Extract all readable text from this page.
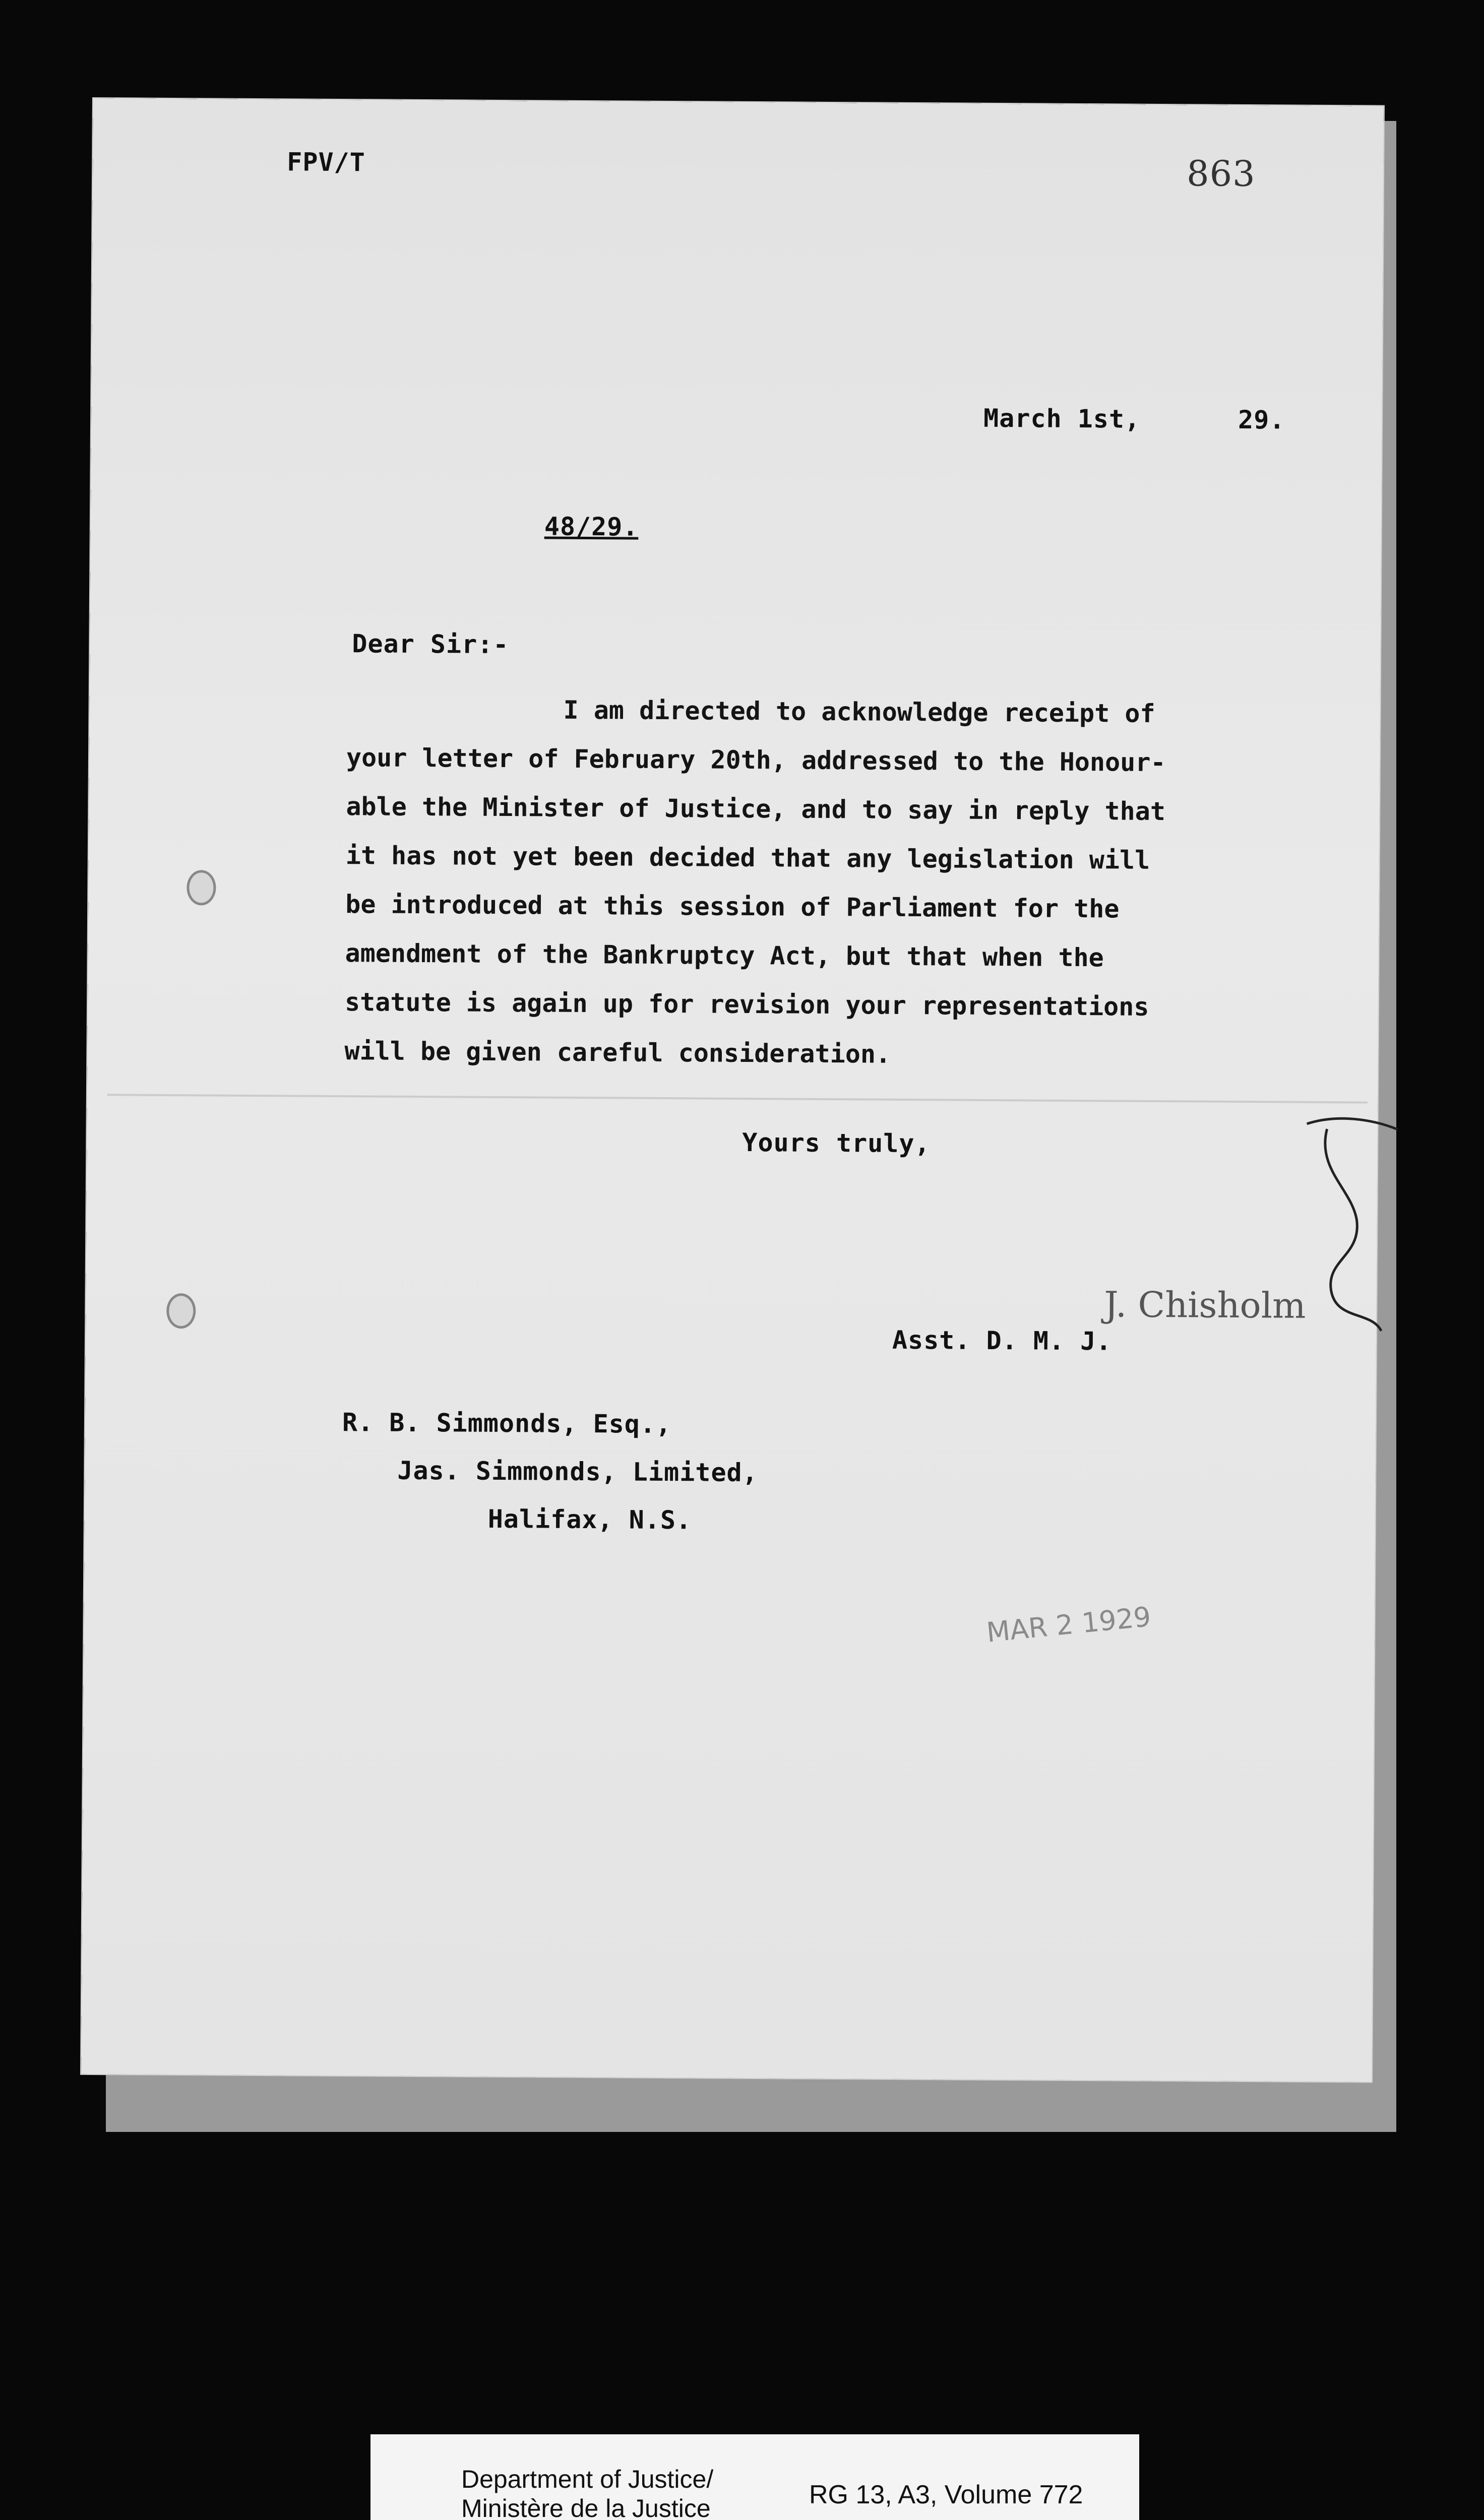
FPV/T	863
March 1st,	29.
48/29.
Dear Sir:-
I am directed to acknowledge receipt of
your letter of February 20th, addressed to the Honour-
able the Minister of Justice, and to say in reply that
it has not yet been decided that any legislation will
be introduced at this session of Parliament for the
amendment of the Bankruptcy Act, but that when the
statute is again up for revision your representations
will be given careful consideration.
Yours truly,
J. Chisholm
Asst. D. M. J.
R. B. Simmonds, Esq.,
Jas. Simmonds, Limited,
Halifax, N.S.
MAR 2 1929
Department of Justice/
Ministère de la Justice	RG 13, A3, Volume 772
